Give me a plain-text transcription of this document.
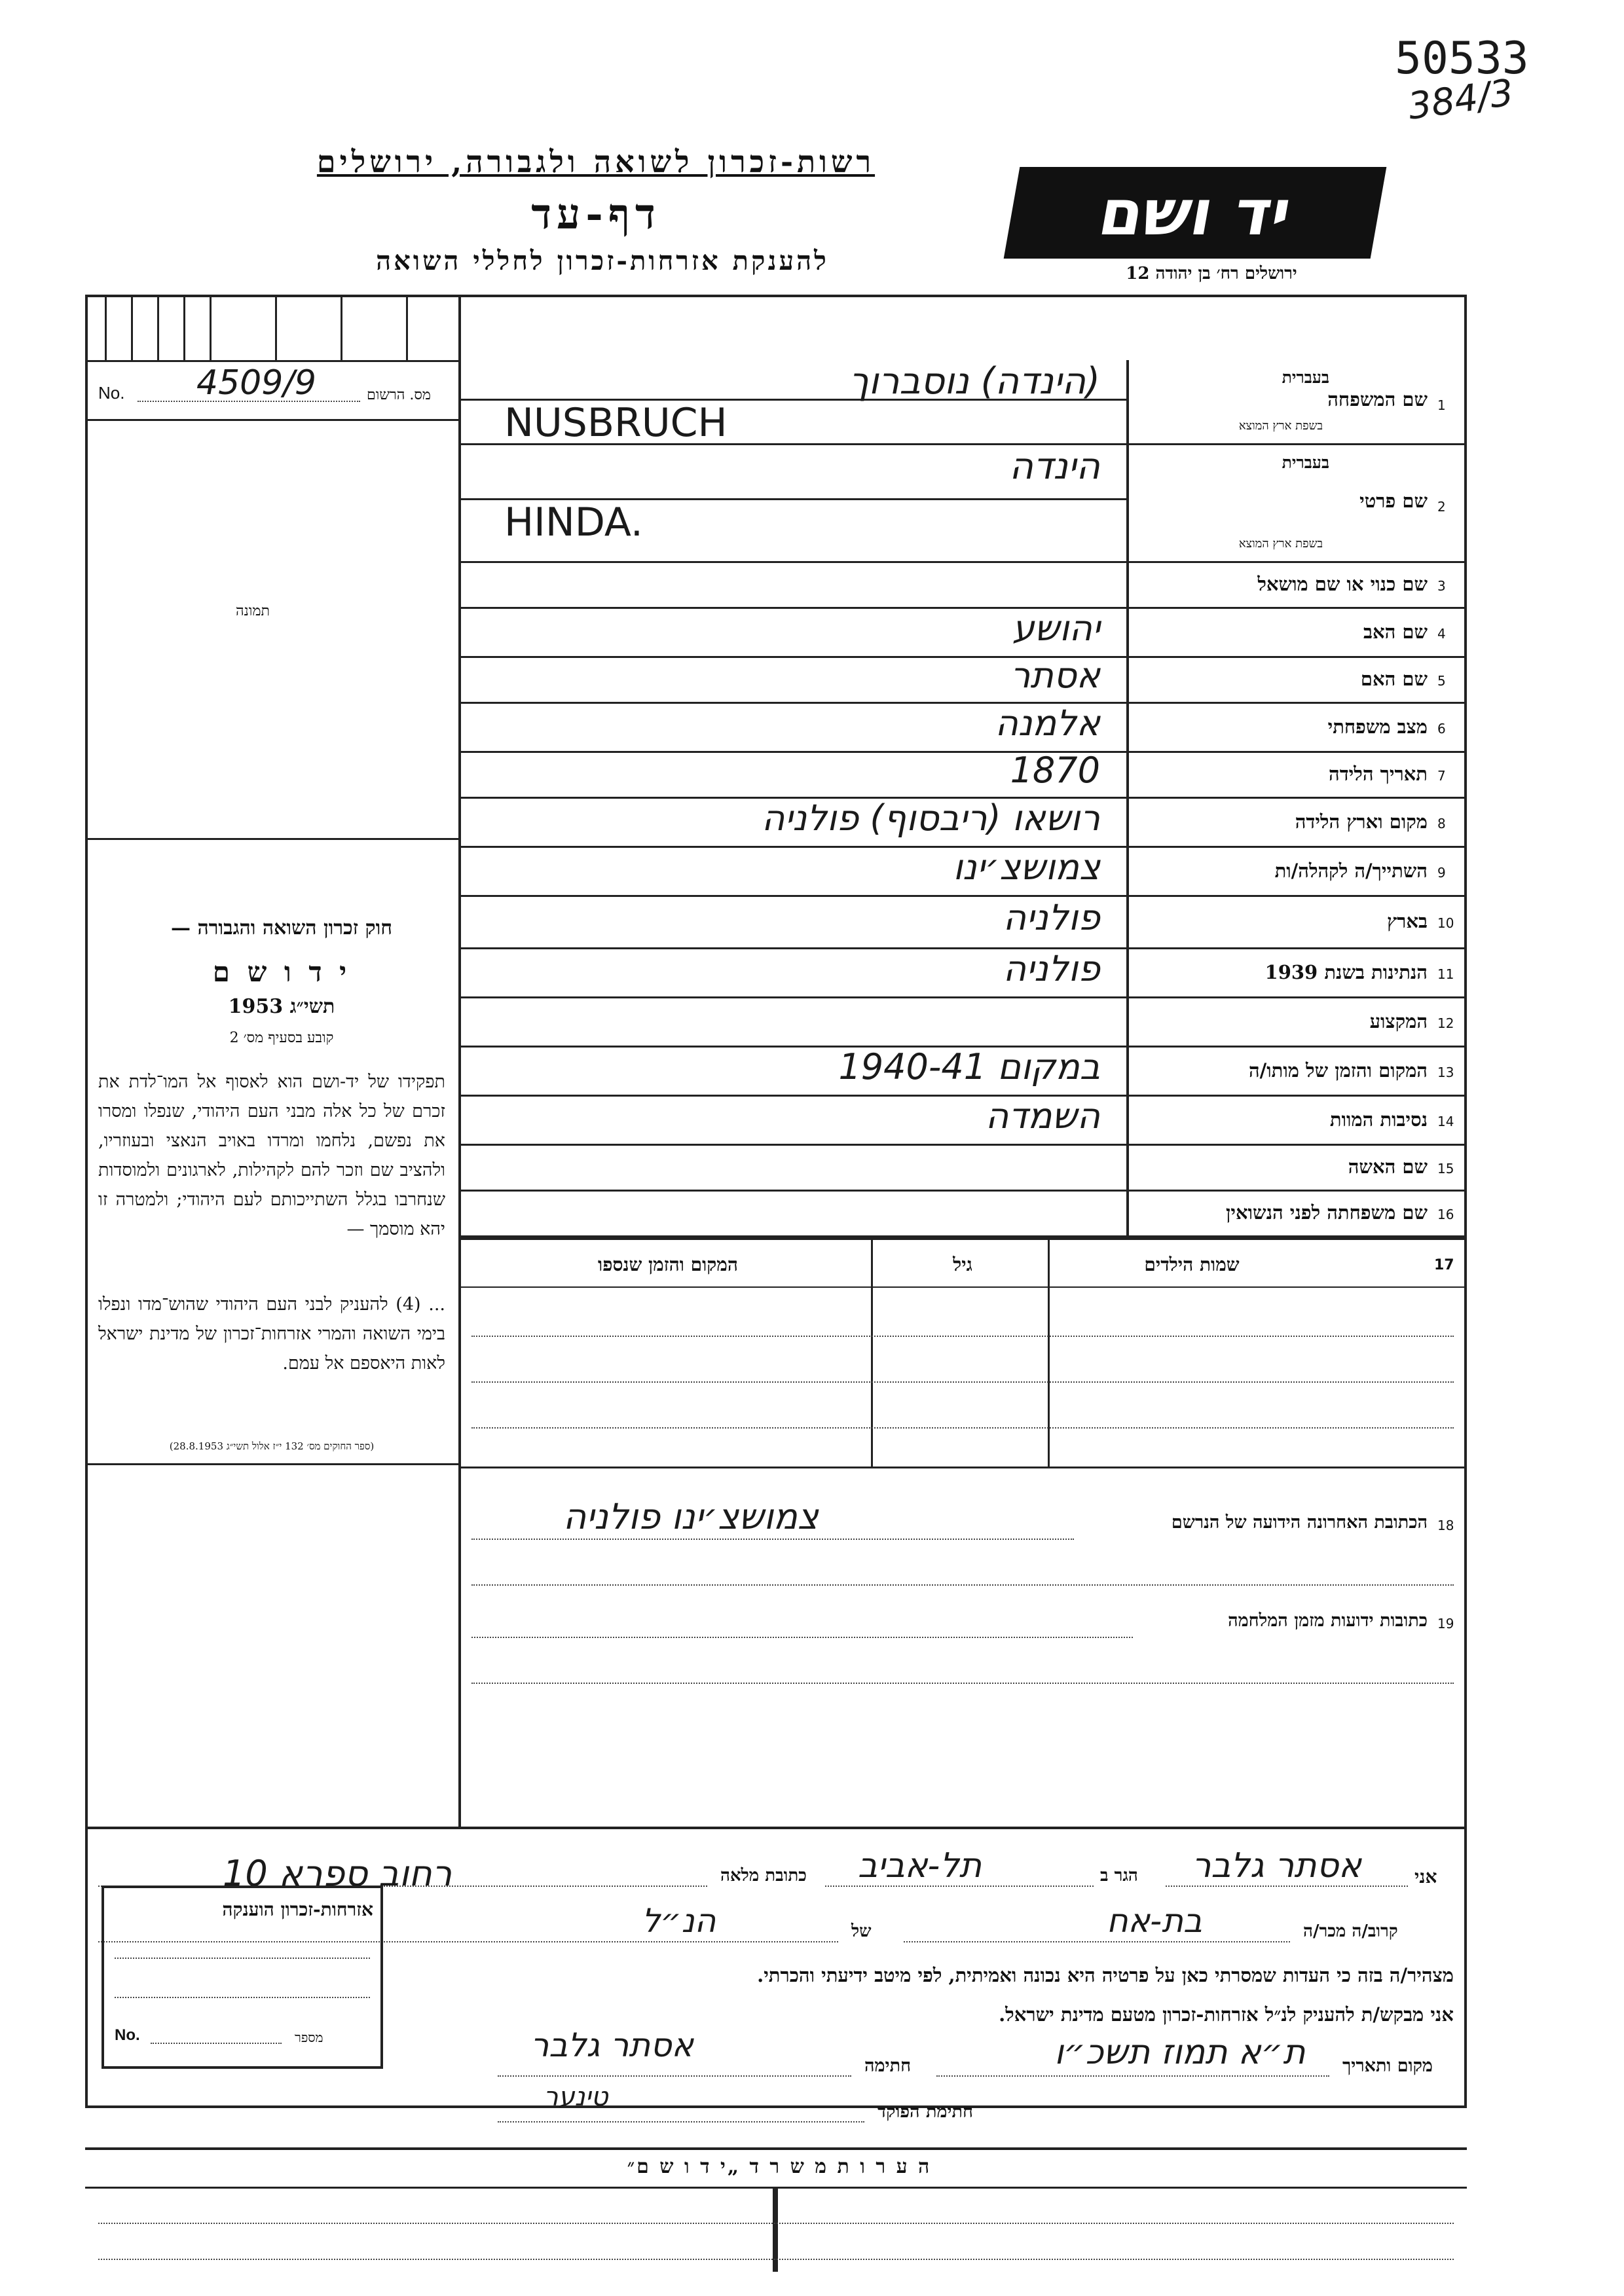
50533
384/3
רשות-זכרון לשואה ולגבורה, ירושלים
דף-עד
להענקת אזרחות-זכרון לחללי השואה
יד ושם
ירושלים רח׳ בן יהודה 12
No. 4509/9	מס. הרשום
תמונה
חוק זכרון השואה והגבורה —
י ד ו ש ם
תשי״ג 1953
קובע בסעיף מס׳ 2
תפקידו של יד-ושם הוא לאסוף אל המו־לדת את זכרם של כל אלה מבני העם היהודי, שנפלו ומסרו את נפשם, נלחמו ומרדו באויב הנאצי ובעוזריו, ולהציב שם וזכר להם לקהילות, לארגונים ולמוסדות שנחרבו בגלל השתייכותם לעם היהודי; ולמטרה זו יהא מוסמך —
... (4) להעניק לבני העם היהודי שהוש־מדו ונפלו בימי השואה והמרי אזרחות־זכרון של מדינת ישראל לאות היאספם אל עמם.
(ספר החוקים מס׳ 132 י״ז אלול תשי״ג 28.8.1953)
1
שם המשפחה
בעברית
בשפת ארץ המוצא
(הינדה) נוסברוך
NUSBRUCH
2
שם פרטי
בעברית
בשפת ארץ המוצא
הינדה
HINDA.
3
שם כנוי או שם מושאל
4
שם האב
יהושע
5
שם האם
אסתר
6
מצב משפחתי
אלמנה
7
תאריך הלידה
1870
8
מקום וארץ הלידה
רושאו (ריבסוף) פולניה
9
השתייך/ה לקהלה/ות
צמושצ׳ינו
10
בארץ
פולניה
11
הנתינות בשנת 1939
פולניה
12
המקצוע
13
המקום והזמן של מותו/ה
במקום 1940-41
14
נסיבות המוות
השמדה
15
שם האשה
16
שם משפחתה לפני הנשואין
17
שמות הילדים
גיל
המקום והזמן שנספו
צמושצ׳ינו פולניה	הכתובת האחרונה הידועה של הנרשם 18
כתובות ידועות מזמן המלחמה 19
אני
אסתר גלבר
הגר ב
תל-אביב
כתובת מלאה
רחוב ספרא 10
קרוב/ה מכר/ה
בת-אח
של
הנ״ל
מצהיר/ה בזה כי העדות שמסרתי כאן על פרטיה היא נכונה ואמיתית, לפי מיטב ידיעתי והכרתי.
אני מבקש/ת להעניק לנ״ל אזרחות-זכרון מטעם מדינת ישראל.
מקום ותאריך
ת״א תמוז תשכ״ו
חתימה
אסתר גלבר
חתימת הפוקד
טינער
אזרחות-זכרון הוענקה
No.	מספר
ה ע ר ו ת מ ש ר ד „י ד ו ש ם״
